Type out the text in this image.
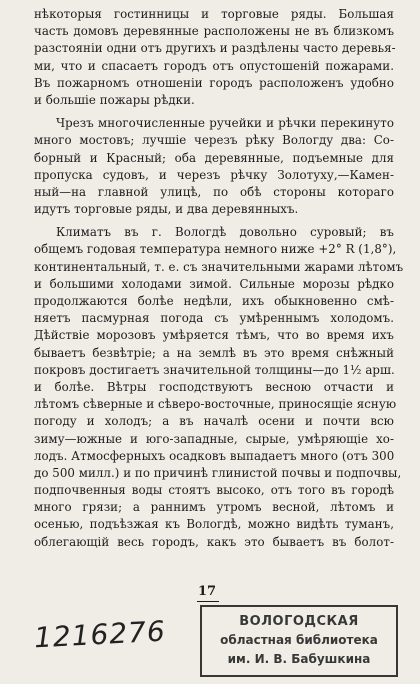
нѣкоторыя гостинницы и торговые ряды. Большая
часть домовъ деревянные расположены не въ близкомъ
разстояніи одни отъ другихъ и раздѣлены часто деревья-
ми, что и спасаетъ городъ отъ опустошеній пожарами.
Въ пожарномъ отношеніи городъ расположенъ удобно
и большіе пожары рѣдки.
Чрезъ многочисленные ручейки и рѣчки перекинуто
много мостовъ; лучшіе черезъ рѣку Вологду два: Со-
борный и Красный; оба деревянные, подъемные для
пропуска судовъ, и черезъ рѣчку Золотуху,—Камен-
ный—на главной улицѣ, по обѣ стороны котораго
идутъ торговые ряды, и два деревянныхъ.
Климатъ въ г. Вологдѣ довольно суровый; въ
общемъ годовая температура немного ниже +2° R (1,8°),
континентальный, т. е. съ значительными жарами лѣтомъ
и большими холодами зимой. Сильные морозы рѣдко
продолжаются болѣе недѣли, ихъ обыкновенно смѣ-
няетъ пасмурная погода съ умѣреннымъ холодомъ.
Дѣйствіе морозовъ умѣряется тѣмъ, что во время ихъ
бываетъ безвѣтріе; а на землѣ въ это время снѣжный
покровъ достигаетъ значительной толщины—до 1½ арш.
и болѣе. Вѣтры господствуютъ весною отчасти и
лѣтомъ сѣверные и сѣверо-восточные, приносящіе ясную
погоду и холодъ; а въ началѣ осени и почти всю
зиму—южные и юго-западные, сырые, умѣряющіе хо-
лодъ. Атмосферныхъ осадковъ выпадаетъ много (отъ 300
до 500 милл.) и по причинѣ глинистой почвы и подпочвы,
подпочвенныя воды стоятъ высоко, отъ того въ городѣ
много грязи; а раннимъ утромъ весной, лѣтомъ и
осенью, подъѣзжая къ Вологдѣ, можно видѣть туманъ,
облегающій весь городъ, какъ это бываетъ въ болот-
17
1216276	ВОЛОГОДСКАЯ
областная библиотека
им. И. В. Бабушкина
